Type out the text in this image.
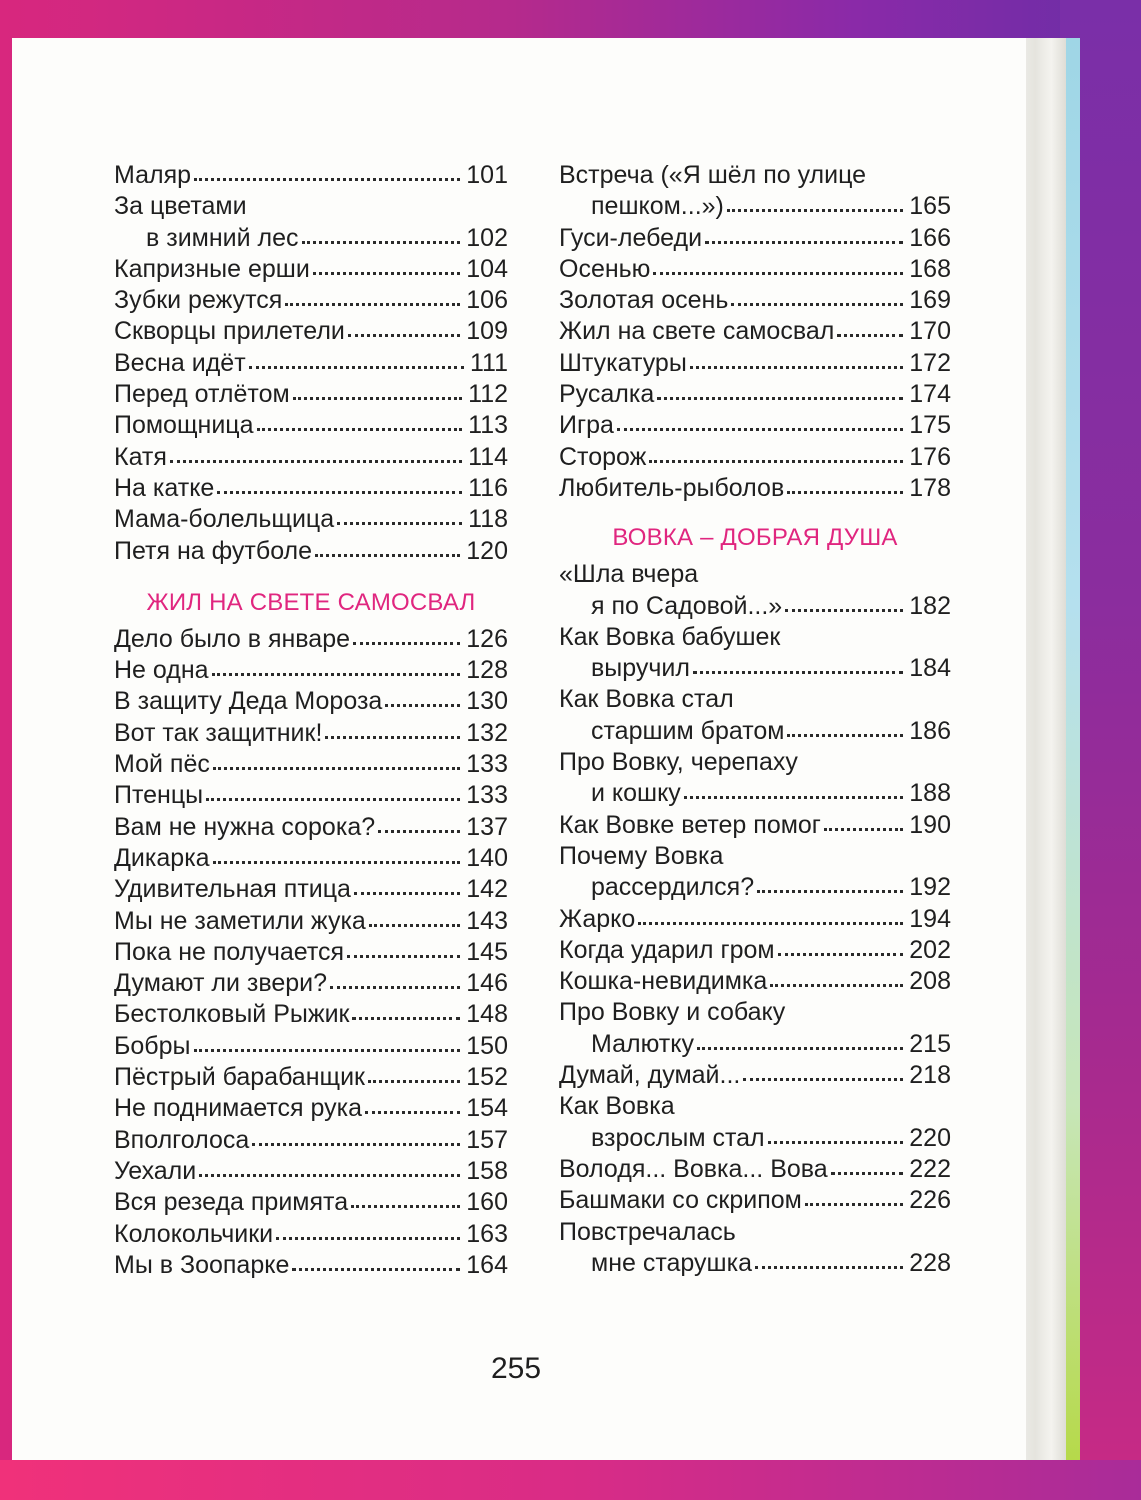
Маляр	101
За цветами
в зимний лес	102
Капризные ерши	104
Зубки режутся	106
Скворцы прилетели	109
Весна идёт	111
Перед отлётом	112
Помощница	113
Катя	114
На катке	116
Мама-болельщица	118
Петя на футболе	120
ЖИЛ НА СВЕТЕ САМОСВАЛ
Дело было в январе	126
Не одна	128
В защиту Деда Мороза	130
Вот так защитник!	132
Мой пёс	133
Птенцы	133
Вам не нужна сорока?	137
Дикарка	140
Удивительная птица	142
Мы не заметили жука	143
Пока не получается	145
Думают ли звери?	146
Бестолковый Рыжик	148
Бобры	150
Пёстрый барабанщик	152
Не поднимается рука	154
Вполголоса	157
Уехали	158
Вся резеда примята	160
Колокольчики	163
Мы в Зоопарке	164
Встреча («Я шёл по улице
пешком...»)	165
Гуси-лебеди	166
Осенью	168
Золотая осень	169
Жил на свете самосвал	170
Штукатуры	172
Русалка	174
Игра	175
Сторож	176
Любитель-рыболов	178
ВОВКА – ДОБРАЯ ДУША
«Шла вчера
я по Садовой...»	182
Как Вовка бабушек
выручил	184
Как Вовка стал
старшим братом	186
Про Вовку, черепаху
и кошку	188
Как Вовке ветер помог	190
Почему Вовка
рассердился?	192
Жарко	194
Когда ударил гром	202
Кошка-невидимка	208
Про Вовку и собаку
Малютку	215
Думай, думай...	218
Как Вовка
взрослым стал	220
Володя... Вовка... Вова	222
Башмаки со скрипом	226
Повстречалась
мне старушка	228
255
